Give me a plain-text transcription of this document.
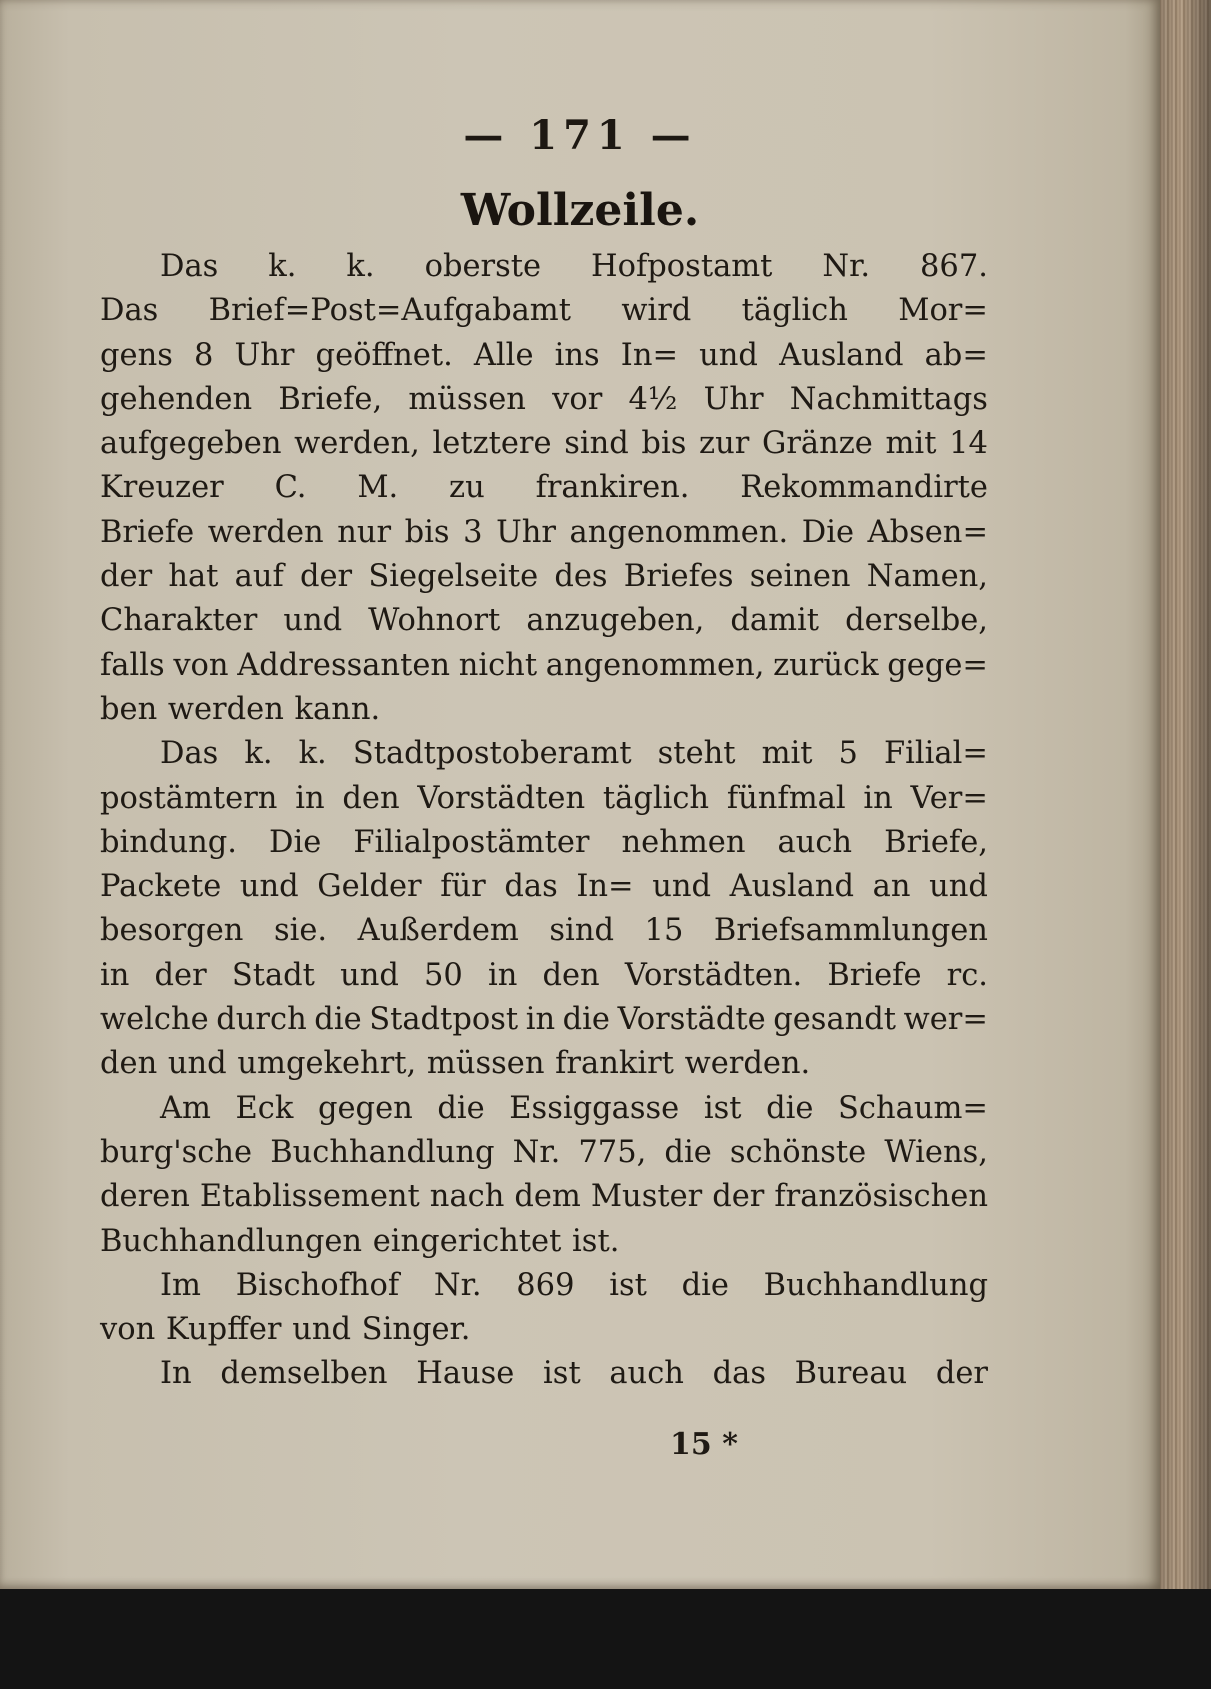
— 171 —
Wollzeile.
Das k. k. oberste Hofpostamt Nr. 867.
Das Brief=Post=Aufgabamt wird täglich Mor=
gens 8 Uhr geöffnet. Alle ins In= und Ausland ab=
gehenden Briefe, müssen vor 4½ Uhr Nachmittags
aufgegeben werden, letztere sind bis zur Gränze mit 14
Kreuzer C. M. zu frankiren. Rekommandirte
Briefe werden nur bis 3 Uhr angenommen. Die Absen=
der hat auf der Siegelseite des Briefes seinen Namen,
Charakter und Wohnort anzugeben, damit derselbe,
falls von Addressanten nicht angenommen, zurück gege=
ben werden kann.
Das k. k. Stadtpostoberamt steht mit 5 Filial=
postämtern in den Vorstädten täglich fünfmal in Ver=
bindung. Die Filialpostämter nehmen auch Briefe,
Packete und Gelder für das In= und Ausland an und
besorgen sie. Außerdem sind 15 Briefsammlungen
in der Stadt und 50 in den Vorstädten. Briefe rc.
welche durch die Stadtpost in die Vorstädte gesandt wer=
den und umgekehrt, müssen frankirt werden.
Am Eck gegen die Essiggasse ist die Schaum=
burg'sche Buchhandlung Nr. 775, die schönste Wiens,
deren Etablissement nach dem Muster der französischen
Buchhandlungen eingerichtet ist.
Im Bischofhof Nr. 869 ist die Buchhandlung
von Kupffer und Singer.
In demselben Hause ist auch das Bureau der
15 *
